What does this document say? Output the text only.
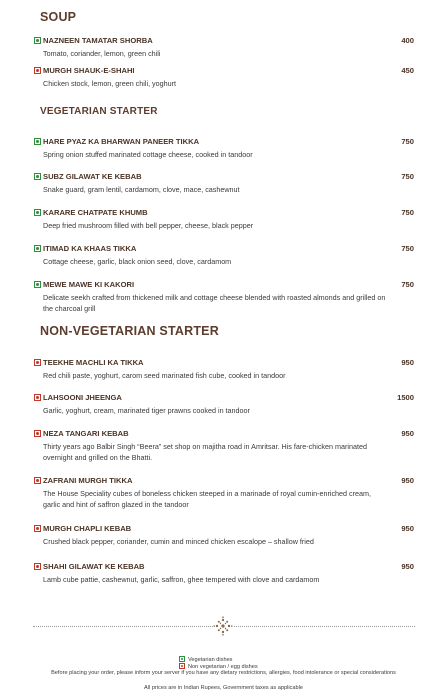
SOUP
NAZNEEN TAMATAR SHORBA	400
Tomato, coriander, lemon, green chili
MURGH SHAUK-E-SHAHI	450
Chicken stock, lemon, green chili, yoghurt
VEGETARIAN STARTER
HARE PYAZ KA BHARWAN PANEER TIKKA	750
Spring onion stuffed marinated cottage cheese, cooked in tandoor
SUBZ GILAWAT KE KEBAB	750
Snake guard, gram lentil, cardamom, clove, mace, cashewnut
KARARE CHATPATE KHUMB	750
Deep fried mushroom filled with bell pepper, cheese, black pepper
ITIMAD KA KHAAS TIKKA	750
Cottage cheese, garlic, black onion seed, clove, cardamom
MEWE MAWE KI KAKORI	750
Delicate seekh crafted from thickened milk and cottage cheese blended with roasted almonds and grilled on the charcoal grill
NON-VEGETARIAN STARTER
TEEKHE MACHLI KA TIKKA	950
Red chili paste, yoghurt, carom seed marinated fish cube, cooked in tandoor
LAHSOONI JHEENGA	1500
Garlic, yoghurt, cream, marinated tiger prawns cooked in tandoor
NEZA TANGARI KEBAB	950
Thirty years ago Balbir Singh “Beera” set shop on majitha road in Amritsar. His fare-chicken marinated overnight and grilled on the Bhatti.
ZAFRANI MURGH TIKKA	950
The House Speciality cubes of boneless chicken steeped in a marinade of royal cumin-enriched cream, garlic and hint of saffron glazed in the tandoor
MURGH CHAPLI KEBAB	950
Crushed black pepper, coriander, cumin and minced chicken escalope – shallow fried
SHAHI GILAWAT KE KEBAB	950
Lamb cube pattie, cashewnut, garlic, saffron, ghee tempered with clove and cardamom
Vegetarian dishes
Non vegetarian / egg dishes
Before placing your order, please inform your server if you have any dietary restrictions, allergies, food intolerance or special considerations
All prices are in Indian Rupees, Government taxes as applicable
